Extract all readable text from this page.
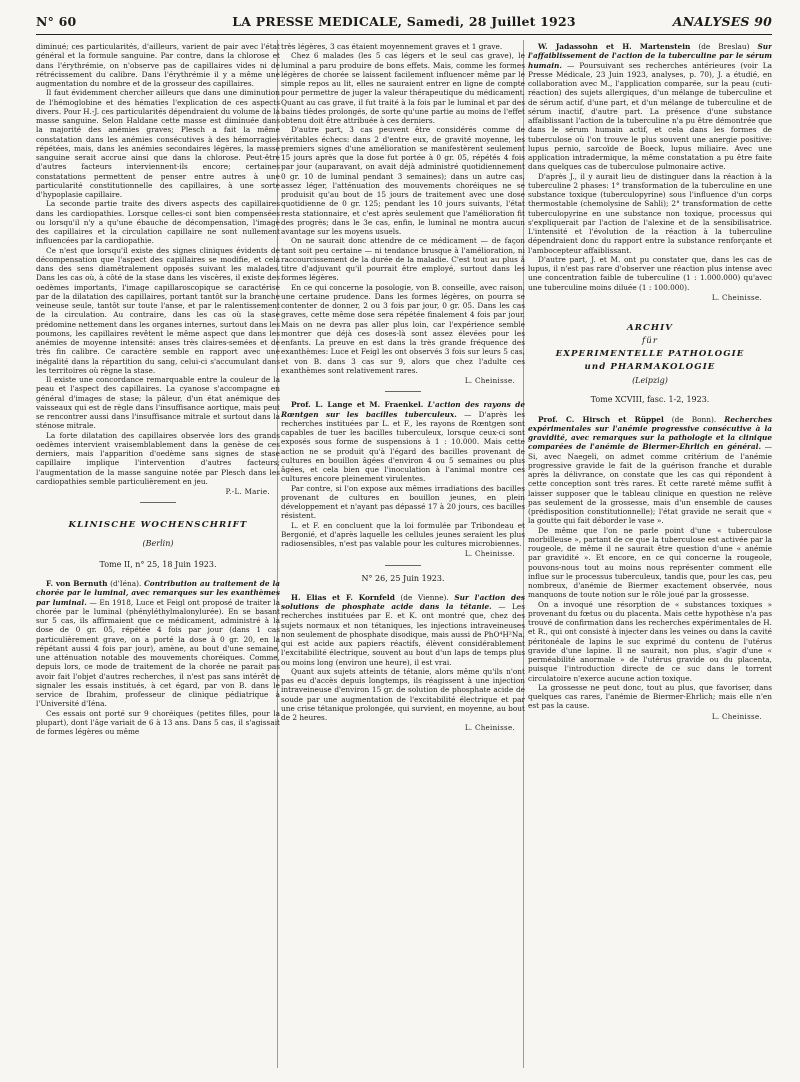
N° 60	LA PRESSE MEDICALE, Samedi, 28 Juillet 1923	ANALYSES 90

diminué; ces particularités, d'ailleurs, varient de pair avec l'état général et la formule sanguine. Par contre, dans la chlorose et dans l'érythrémie, on n'observe pas de capillaires vides ni de rétrécissement du calibre. Dans l'érythrémie il y a même une augmentation du nombre et de la grosseur des capillaires.

Il faut évidemment chercher ailleurs que dans une diminution de l'hémoglobine et des hématies l'explication de ces aspects divers. Pour H.-J. ces particularités dépendraient du volume de la masse sanguine. Selon Haldane cette masse est diminuée dans la majorité des anémies graves; Plesch a fait la même constatation dans les anémies consécutives à des hémorragies répétées, mais, dans les anémies secondaires légères, la masse sanguine serait accrue ainsi que dans la chlorose. Peut-être d'autres facteurs interviennent-ils encore; certaines constatations permettent de penser entre autres à une particularité constitutionnelle des capillaires, à une sorte d'hypoplasie capillaire.

La seconde partie traite des divers aspects des capillaires dans les cardiopathies. Lorsque celles-ci sont bien compensées ou lorsqu'il n'y a qu'une ébauche de décompensation, l'image des capillaires et la circulation capillaire ne sont nullement influencées par la cardiopathie.

Ce n'est que lorsqu'il existe des signes cliniques évidents de décompensation que l'aspect des capillaires se modifie, et cela dans des sens diamétralement opposés suivant les malades. Dans les cas où, à côté de la stase dans les viscères, il existe des oedèmes importants, l'image capillaroscopique se caractérise par de la dilatation des capillaires, portant tantôt sur la branche veineuse seule, tantôt sur toute l'anse, et par le ralentissement de la circulation. Au contraire, dans les cas où la stase prédomine nettement dans les organes internes, surtout dans les poumons, les capillaires revêtent le même aspect que dans les anémies de moyenne intensité: anses très claires-semées et de très fin calibre. Ce caractère semble en rapport avec une inégalité dans la répartition du sang, celui-ci s'accumulant dans les territoires où règne la stase.

Il existe une concordance remarquable entre la couleur de la peau et l'aspect des capillaires. La cyanose s'accompagne en général d'images de stase; la pâleur, d'un état anémique des vaisseaux qui est de règle dans l'insuffisance aortique, mais peut se rencontrer aussi dans l'insuffisance mitrale et surtout dans la sténose mitrale.

La forte dilatation des capillaires observée lors des grands oedèmes intervient vraisemblablement dans la genèse de ces derniers, mais l'apparition d'oedème sans signes de stase capillaire implique l'intervention d'autres facteurs; l'augmentation de la masse sanguine notée par Plesch dans les cardiopathies semble particulièrement en jeu.

P.-L. Marie.
KLINISCHE WOCHENSCHRIFT
(Berlin)
Tome II, n° 25, 18 Juin 1923.

F. von Bernuth (d'Iéna). Contribution au traitement de la chorée par le luminal, avec remarques sur les exanthèmes par luminal. — En 1918, Luce et Feigl ont proposé de traiter la chorée par le luminal (phényléthylmalonylurée). En se basant sur 5 cas, ils affirmaient que ce médicament, administré à la dose de 0 gr. 05, répétée 4 fois par jour (dans 1 cas particulièrement grave, on a porté la dose à 0 gr. 20, en la répétant aussi 4 fois par jour), amène, au bout d'une semaine, une atténuation notable des mouvements choréiques. Comme, depuis lors, ce mode de traitement de la chorée ne parait pas avoir fait l'objet d'autres recherches, il n'est pas sans intérêt de signaler les essais institués, à cet égard, par von B. dans le service de Ibrahim, professeur de clinique pédiatrique à l'Université d'Iéna.

Ces essais ont porté sur 9 choréiques (petites filles, pour la plupart), dont l'âge variait de 6 à 13 ans. Dans 5 cas, il s'agissait de formes légères ou même

très légères, 3 cas étaient moyennement graves et 1 grave.

Chez 6 malades (les 5 cas légers et le seul cas grave), le luminal a paru produire de bons effets. Mais, comme les formes légères de chorée se laissent facilement influencer même par le simple repos au lit, elles ne sauraient entrer en ligne de compte pour permettre de juger la valeur thérapeutique du médicament. Quant au cas grave, il fut traité à la fois par le luminal et par des bains tièdes prolongés, de sorte qu'une partie au moins de l'effet obtenu doit être attribuée à ces derniers.

D'autre part, 3 cas peuvent être considérés comme de véritables échecs: dans 2 d'entre eux, de gravité moyenne, les premiers signes d'une amélioration se manifestèrent seulement 15 jours après que la dose fut portée à 0 gr. 05, répétés 4 fois par jour (auparavant, on avait déjà administré quotidiennement 0 gr. 10 de luminal pendant 3 semaines); dans un autre cas, assez léger, l'atténuation des mouvements choréiques ne se produisit qu'au bout de 15 jours de traitement avec une dose quotidienne de 0 gr. 125; pendant les 10 jours suivants, l'état resta stationnaire, et c'est après seulement que l'amélioration fit des progrès; dans le 3e cas, enfin, le luminal ne montra aucun avantage sur les moyens usuels.

On ne saurait donc attendre de ce médicament — de façon tant soit peu certaine — ni tendance brusque à l'amélioration, ni raccourcissement de la durée de la maladie. C'est tout au plus à titre d'adjuvant qu'il pourrait être employé, surtout dans les formes légères.

En ce qui concerne la posologie, von B. conseille, avec raison, une certaine prudence. Dans les formes légères, on pourra se contenter de donner, 2 ou 3 fois par jour, 0 gr. 05. Dans les cas graves, cette même dose sera répétée finalement 4 fois par jour. Mais on ne devra pas aller plus loin, car l'expérience semble montrer que déjà ces doses-là sont assez élevées pour les enfants. La preuve en est dans la très grande fréquence des exanthèmes: Luce et Feigl les ont observés 3 fois sur leurs 5 cas, et von B. dans 3 cas sur 9, alors que chez l'adulte ces exanthèmes sont relativement rares.

L. Cheinisse.

Prof. L. Lange et M. Fraenkel. L'action des rayons de Rœntgen sur les bacilles tuberculeux. — D'après les recherches instituées par L. et F., les rayons de Rœntgen sont capables de tuer les bacilles tuberculeux, lorsque ceux-ci sont exposés sous forme de suspensions à 1 : 10.000. Mais cette action ne se produit qu'à l'égard des bacilles provenant de cultures en bouillon âgées d'environ 4 ou 5 semaines ou plus âgées, et cela bien que l'inoculation à l'animal montre ces cultures encore pleinement virulentes.

Par contre, si l'on expose aux mêmes irradiations des bacilles provenant de cultures en bouillon jeunes, en plein développement et n'ayant pas dépassé 17 à 20 jours, ces bacilles résistent.

L. et F. en concluent que la loi formulée par Tribondeau et Bergonié, et d'après laquelle les cellules jeunes seraient les plus radiosensibles, n'est pas valable pour les cultures microbiennes.

L. Cheinisse.
N° 26, 25 Juin 1923.

H. Elias et F. Kornfeld (de Vienne). Sur l'action des solutions de phosphate acide dans la tétanie. — Les recherches instituées par E. et K. ont montré que, chez des sujets normaux et non tétaniques, les injections intraveineuses non seulement de phosphate disodique, mais aussi de PhO⁴H²Na, qui est acide aux papiers réactifs, élèvent considérablement l'excitabilité électrique, souvent au bout d'un laps de temps plus ou moins long (environ une heure), il est vrai.

Quant aux sujets atteints de tétanie, alors même qu'ils n'ont pas eu d'accès depuis longtemps, ils réagissent à une injection intraveineuse d'environ 15 gr. de solution de phosphate acide de soude par une augmentation de l'excitabilité électrique et par une crise tétanique prolongée, qui survient, en moyenne, au bout de 2 heures.

L. Cheinisse.

W. Jadassohn et H. Martenstein (de Breslau) Sur l'affaiblissement de l'action de la tuberculine par le sérum humain. — Poursuivant ses recherches antérieures (voir La Presse Médicale, 23 Juin 1923, analyses, p. 70), J. a étudié, en collaboration avec M., l'application comparée, sur la peau (cuti-réaction) des sujets allergiques, d'un mélange de tuberculine et de sérum actif, d'une part, et d'un mélange de tuberculine et de sérum inactif, d'autre part. La présence d'une substance affaiblissant l'action de la tuberculine n'a pu être démontrée que dans le sérum humain actif, et cela dans les formes de tuberculose où l'on trouve le plus souvent une anergie positive: lupus pernio, sarcoïde de Boeck, lupus miliaire. Avec une application intradermique, la même constatation a pu être faite dans quelques cas de tuberculose pulmonaire active.

D'après J., il y aurait lieu de distinguer dans la réaction à la tuberculine 2 phases: 1° transformation de la tuberculine en une substance toxique (tuberculopyrine) sous l'influence d'un corps thermostable (chemolysine de Sahli); 2° transformation de cette tuberculopyrine en une substance non toxique, processus qui s'expliquerait par l'action de l'alexine et de la sensibilisatrice. L'intensité et l'évolution de la réaction à la tuberculine dépendraient donc du rapport entre la substance renforçante et l'ambocepteur affaiblissant.

D'autre part, J. et M. ont pu constater que, dans les cas de lupus, il n'est pas rare d'observer une réaction plus intense avec une concentration faible de tuberculine (1 : 1.000.000) qu'avec une tuberculine moins diluée (1 : 100.000).

L. Cheinisse.
ARCHIV
für
EXPERIMENTELLE PATHOLOGIE
und PHARMAKOLOGIE
(Leipzig)
Tome XCVIII, fasc. 1-2, 1923.

Prof. C. Hirsch et Rüppel (de Bonn). Recherches expérimentales sur l'anémie progressive consécutive à la gravidité, avec remarques sur la pathologie et la clinique comparées de l'anémie de Biermer-Ehrlich en général. — Si, avec Naegeli, on admet comme critérium de l'anémie progressive gravide le fait de la guérison franche et durable après la délivrance, on constate que les cas qui répondent à cette conception sont très rares. Et cette rareté même suffit à laisser supposer que le tableau clinique en question ne relève pas seulement de la grossesse, mais d'un ensemble de causes (prédisposition constitutionnelle); l'état gravide ne serait que « la goutte qui fait déborder le vase ».

De même que l'on ne parle point d'une « tuberculose morbilleuse », partant de ce que la tuberculose est activée par la rougeole, de même il ne saurait être question d'une « anémie par gravidité ». Et encore, en ce qui concerne la rougeole, pouvons-nous tout au moins nous représenter comment elle influe sur le processus tuberculeux, tandis que, pour les cas, peu nombreux, d'anémie de Biermer exactement observée, nous manquons de toute notion sur le rôle joué par la grossesse.

On a invoqué une résorption de « substances toxiques » provenant du fœtus ou du placenta. Mais cette hypothèse n'a pas trouvé de confirmation dans les recherches expérimentales de H. et R., qui ont consisté à injecter dans les veines ou dans la cavité péritonéale de lapins le suc exprimé du contenu de l'utérus gravide d'une lapine. Il ne saurait, non plus, s'agir d'une « perméabilité anormale » de l'utérus gravide ou du placenta, puisque l'introduction directe de ce suc dans le torrent circulatoire n'exerce aucune action toxique.

La grossesse ne peut donc, tout au plus, que favoriser, dans quelques cas rares, l'anémie de Biermer-Ehrlich; mais elle n'en est pas la cause.

L. Cheinisse.
